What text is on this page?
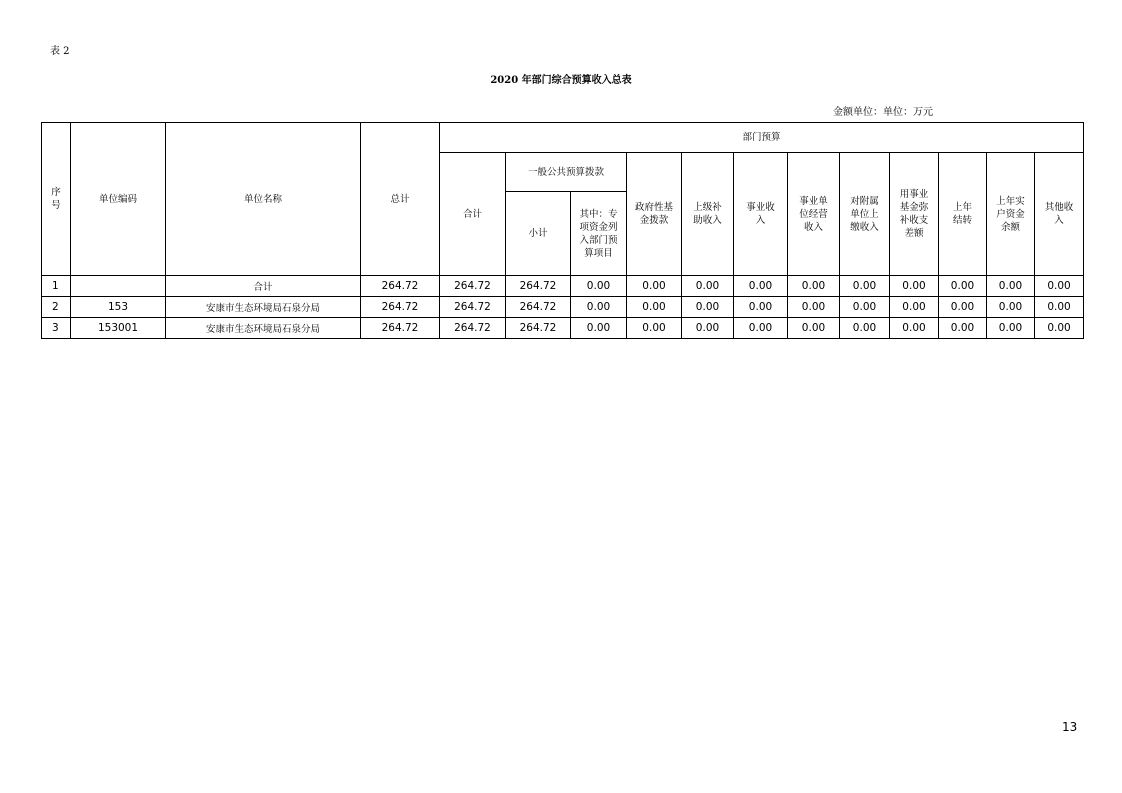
表 2
2020 年部门综合预算收入总表
金额单位：单位：万元
序号	单位编码	单位名称	总计	部门预算											
				合计	一般公共预算拨款		政府性基金拨款	上级补助收入	事业收入	事业单位经营收入	对附属单位上缴收入	用事业基金弥补收支差额	上年结转	上年实户资金余额	其他收入
					小计	其中：专项资金列入部门预算项目									
1		合计	264.72	264.72	264.72	0.00	0.00	0.00	0.00	0.00	0.00	0.00	0.00	0.00	0.00
2	153	安康市生态环境局石泉分局	264.72	264.72	264.72	0.00	0.00	0.00	0.00	0.00	0.00	0.00	0.00	0.00	0.00
3	153001	安康市生态环境局石泉分局	264.72	264.72	264.72	0.00	0.00	0.00	0.00	0.00	0.00	0.00	0.00	0.00	0.00
13
